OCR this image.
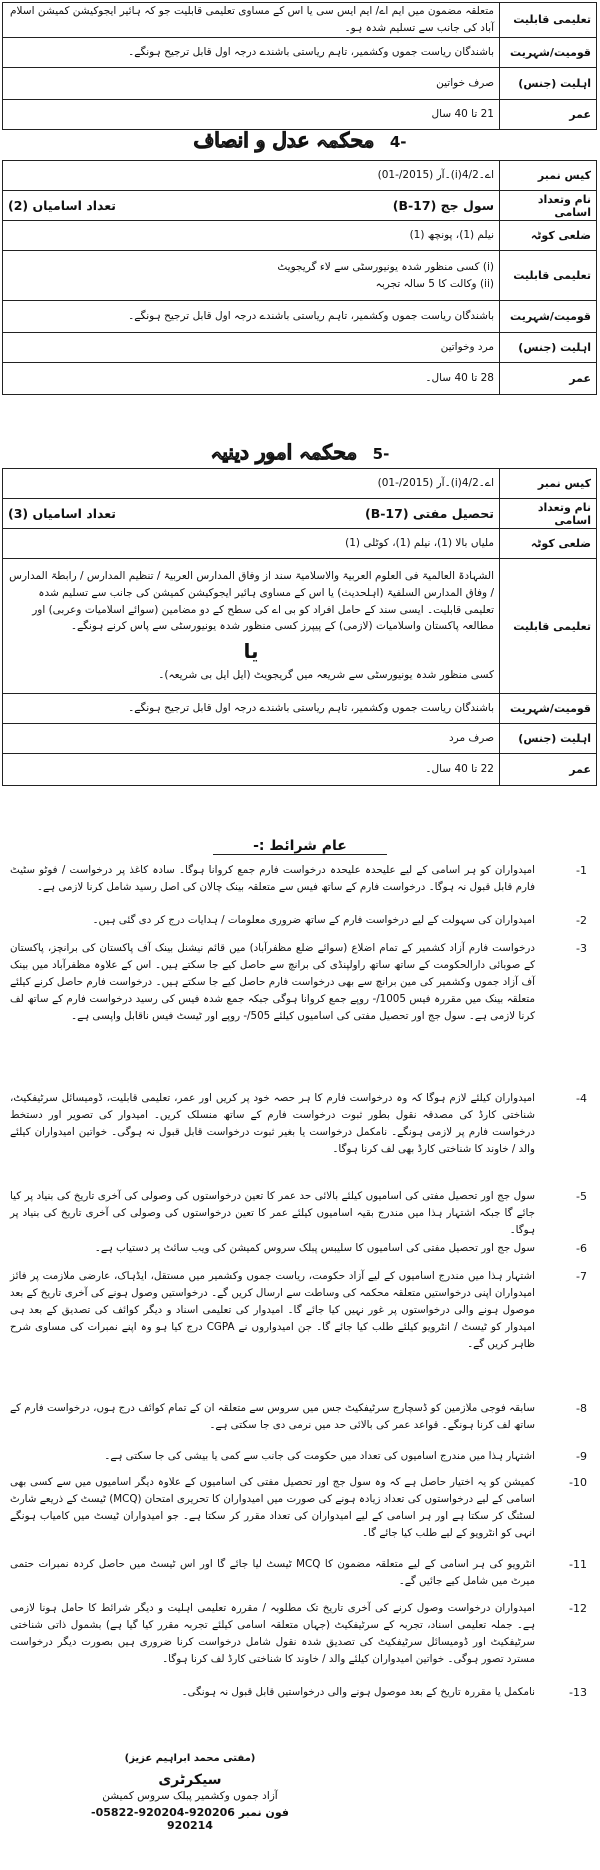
تعلیمی قابلیت	متعلقہ مضمون میں ایم اے/ ایم ایس سی یا اس کے مساوی تعلیمی قابلیت جو کہ ہائیر ایجوکیشن کمیشن اسلام آباد کی جانب سے تسلیم شدہ ہو۔
قومیت/شہریت	باشندگان ریاست جموں وکشمیر، تاہم ریاستی باشندے درجہ اول قابل ترجیح ہونگے۔
اہلیت (جنس)	صرف خواتین
عمر	21 تا 40 سال
-4 محکمہ عدل و انصاف
کیس نمبر	اے۔4/2(i)۔آر (2015/-01)
نام وتعداد اسامی	سول جج (B-17)
تعداد اسامیاں (2)

ضلعی کوٹہ	نیلم (1)، پونچھ (1)
تعلیمی قابلیت	(i) کسی منظور شدہ یونیورسٹی سے لاء گریجویٹ
(ii) وکالت کا 5 سالہ تجربہ

قومیت/شہریت	باشندگان ریاست جموں وکشمیر، تاہم ریاستی باشندے درجہ اول قابل ترجیح ہونگے۔
اہلیت (جنس)	مرد وخواتین
عمر	28 تا 40 سال۔
-5 محکمہ امور دینیہ
کیس نمبر	اے۔4/2(i)۔آر (2015/-01)
نام وتعداد اسامی	تحصیل مفتی (B-17)
تعداد اسامیاں (3)

ضلعی کوٹہ	ملیاں بالا (1)، نیلم (1)، کوٹلی (1)
تعلیمی قابلیت	الشہادۃ العالمیۃ فی العلوم العربیۃ والاسلامیۃ سند از وفاق المدارس العربیۃ / تنظیم المدارس / رابطۃ المدارس / وفاق المدارس السلفیۃ (اہلحدیث) یا اس کے مساوی ہائیر ایجوکیشن کمیشن کی جانب سے تسلیم شدہ تعلیمی قابلیت۔ ایسی سند کے حامل افراد کو بی اے کی سطح کے دو مضامین (سوائے اسلامیات وعربی) اور مطالعہ پاکستان واسلامیات (لازمی) کے پیپرز کسی منظور شدہ یونیورسٹی سے پاس کرنے ہونگے۔
یا
کسی منظور شدہ یونیورسٹی سے شریعہ میں گریجویٹ (ایل ایل بی شریعہ)۔

قومیت/شہریت	باشندگان ریاست جموں وکشمیر، تاہم ریاستی باشندے درجہ اول قابل ترجیح ہونگے۔
اہلیت (جنس)	صرف مرد
عمر	22 تا 40 سال۔
عام شرائط :-
-1
امیدواران کو ہر اسامی کے لیے علیحدہ علیحدہ درخواست فارم جمع کروانا ہوگا۔ سادہ کاغذ پر درخواست / فوٹو سٹیٹ فارم قابل قبول نہ ہوگا۔ درخواست فارم کے ساتھ فیس سے متعلقہ بینک چالان کی اصل رسید شامل کرنا لازمی ہے۔
-2
امیدواران کی سہولت کے لیے درخواست فارم کے ساتھ ضروری معلومات / ہدایات درج کر دی گئی ہیں۔
-3
درخواست فارم آزاد کشمیر کے تمام اضلاع (سوائے ضلع مظفرآباد) میں قائم نیشنل بینک آف پاکستان کی برانچز، پاکستان کے صوبائی دارالحکومت کے ساتھ ساتھ راولپنڈی کی برانچ سے حاصل کیے جا سکتے ہیں۔ اس کے علاوہ مظفرآباد میں بینک آف آزاد جموں وکشمیر کی مین برانچ سے بھی درخواست فارم حاصل کیے جا سکتے ہیں۔ درخواست فارم حاصل کرنے کیلئے متعلقہ بینک میں مقررہ فیس 1005/- روپے جمع کروانا ہوگی جبکہ جمع شدہ فیس کی رسید درخواست فارم کے ساتھ لف کرنا لازمی ہے۔ سول جج اور تحصیل مفتی کی اسامیوں کیلئے 505/- روپے اور ٹیسٹ فیس ناقابل واپسی ہے۔
-4
امیدواران کیلئے لازم ہوگا کہ وہ درخواست فارم کا ہر حصہ خود پر کریں اور عمر، تعلیمی قابلیت، ڈومیسائل سرٹیفکیٹ، شناختی کارڈ کی مصدقہ نقول بطور ثبوت درخواست فارم کے ساتھ منسلک کریں۔ امیدوار کی تصویر اور دستخط درخواست فارم پر لازمی ہونگے۔ نامکمل درخواست یا بغیر ثبوت درخواست قابل قبول نہ ہوگی۔ خواتین امیدواران کیلئے والد / خاوند کا شناختی کارڈ بھی لف کرنا ہوگا۔
-5
سول جج اور تحصیل مفتی کی اسامیوں کیلئے بالائی حد عمر کا تعین درخواستوں کی وصولی کی آخری تاریخ کی بنیاد پر کیا جائے گا جبکہ اشتہار ہذا میں مندرج بقیہ اسامیوں کیلئے عمر کا تعین درخواستوں کی وصولی کی آخری تاریخ کی بنیاد پر ہوگا۔
-6
سول جج اور تحصیل مفتی کی اسامیوں کا سلیبس پبلک سروس کمیشن کی ویب سائٹ پر دستیاب ہے۔
-7
اشتہار ہذا میں مندرج اسامیوں کے لیے آزاد حکومت، ریاست جموں وکشمیر میں مستقل، ایڈہاک، عارضی ملازمت پر فائز امیدواران اپنی درخواستیں متعلقہ محکمہ کی وساطت سے ارسال کریں گے۔ درخواستیں وصول ہونے کی آخری تاریخ کے بعد موصول ہونے والی درخواستوں پر غور نہیں کیا جائے گا۔ امیدوار کی تعلیمی اسناد و دیگر کوائف کی تصدیق کے بعد ہی امیدوار کو ٹیسٹ / انٹرویو کیلئے طلب کیا جائے گا۔ جن امیدواروں نے CGPA درج کیا ہو وہ اپنے نمبرات کی مساوی شرح ظاہر کریں گے۔
-8
سابقہ فوجی ملازمین کو ڈسچارج سرٹیفکیٹ جس میں سروس سے متعلقہ ان کے تمام کوائف درج ہوں، درخواست فارم کے ساتھ لف کرنا ہونگے۔ قواعد عمر کی بالائی حد میں نرمی دی جا سکتی ہے۔
-9
اشتہار ہذا میں مندرج اسامیوں کی تعداد میں حکومت کی جانب سے کمی یا بیشی کی جا سکتی ہے۔
-10
کمیشن کو یہ اختیار حاصل ہے کہ وہ سول جج اور تحصیل مفتی کی اسامیوں کے علاوہ دیگر اسامیوں میں سے کسی بھی اسامی کے لیے درخواستوں کی تعداد زیادہ ہونے کی صورت میں امیدواران کا تحریری امتحان (MCQ) ٹیسٹ کے ذریعے شارٹ لسٹنگ کر سکتا ہے اور ہر اسامی کے لیے امیدواران کی تعداد مقرر کر سکتا ہے۔ جو امیدواران ٹیسٹ میں کامیاب ہونگے انہی کو انٹرویو کے لیے طلب کیا جائے گا۔
-11
انٹرویو کی ہر اسامی کے لیے متعلقہ مضمون کا MCQ ٹیسٹ لیا جائے گا اور اس ٹیسٹ میں حاصل کردہ نمبرات حتمی میرٹ میں شامل کیے جائیں گے۔
-12
امیدواران درخواست وصول کرنے کی آخری تاریخ تک مطلوبہ / مقررہ تعلیمی اہلیت و دیگر شرائط کا حامل ہونا لازمی ہے۔ جملہ تعلیمی اسناد، تجربہ کے سرٹیفکیٹ (جہاں متعلقہ اسامی کیلئے تجربہ مقرر کیا گیا ہے) بشمول ذاتی شناختی سرٹیفکیٹ اور ڈومیسائل سرٹیفکیٹ کی تصدیق شدہ نقول شامل درخواست کرنا ضروری ہیں بصورت دیگر درخواست مسترد تصور ہوگی۔ خواتین امیدواران کیلئے والد / خاوند کا شناختی کارڈ لف کرنا ہوگا۔
-13
نامکمل یا مقررہ تاریخ کے بعد موصول ہونے والی درخواستیں قابل قبول نہ ہونگی۔
(مفتی محمد ابراہیم عزیز)
سیکرٹری
آزاد جموں وکشمیر پبلک سروس کمیشن
فون نمبر 920206-920204-05822-920214
